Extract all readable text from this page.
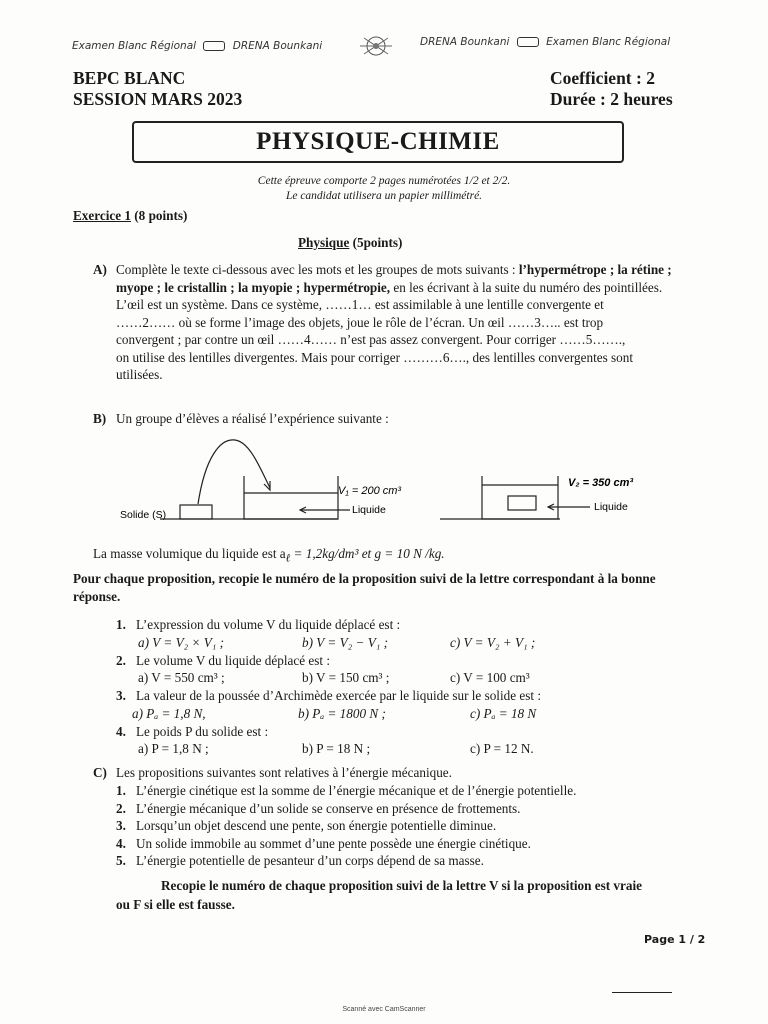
Examen Blanc Régional	DRENA Bounkani	DRENA Bounkani	Examen Blanc Régional
BEPC BLANC
SESSION MARS 2023
Coefficient : 2
Durée : 2 heures
PHYSIQUE-CHIMIE
Cette épreuve comporte 2 pages numérotées 1/2 et 2/2.
Le candidat utilisera un papier millimétré.
Exercice 1 (8 points)
Physique (5points)
A) Complète le texte ci-dessous avec les mots et les groupes de mots suivants : l’hypermétrope ; la rétine ; myope ; le cristallin ; la myopie ; hypermétropie, en les écrivant à la suite du numéro des pointillées.
L’œil est un système. Dans ce système, ……1… est assimilable à une lentille convergente et
……2…… où se forme l’image des objets, joue le rôle de l’écran. Un œil ……3….. est trop
convergent ; par contre un œil ……4…… n’est pas assez convergent. Pour corriger ……5…….,
on utilise des lentilles divergentes. Mais pour corriger ………6…., des lentilles convergentes sont
utilisées.
B) Un groupe d’élèves a réalisé l’expérience suivante :
Solide (S)
V₁ = 200 cm³
Liquide
V₂ = 350 cm³
Liquide
La masse volumique du liquide est $a_\ell = 1,2kg/dm^3$ et g = 10 N /kg.
Pour chaque proposition, recopie le numéro de la proposition suivi de la lettre correspondant à la bonne réponse.
1. L’expression du volume V du liquide déplacé est :
a) V = V₂ × V₁ ;	b) V = V₂ − V₁ ;	c) V = V₂ + V₁ ;
2. Le volume V du liquide déplacé est :
a) V = 550 cm³ ;	b) V = 150 cm³ ;	c) V = 100 cm³
3. La valeur de la poussée d’Archimède exercée par le liquide sur le solide est :
a) Pₐ = 1,8 N,	b) Pₐ = 1800 N ;	c) Pₐ = 18 N
4. Le poids P du solide est :
a) P = 1,8 N ;	b) P = 18 N ;	c) P = 12 N.
C) Les propositions suivantes sont relatives à l’énergie mécanique.
1. L’énergie cinétique est la somme de l’énergie mécanique et de l’énergie potentielle.
2. L’énergie mécanique d’un solide se conserve en présence de frottements.
3. Lorsqu’un objet descend une pente, son énergie potentielle diminue.
4. Un solide immobile au sommet d’une pente possède une énergie cinétique.
5. L’énergie potentielle de pesanteur d’un corps dépend de sa masse.
Recopie le numéro de chaque proposition suivi de la lettre V si la proposition est vraie
ou F si elle est fausse.
Page 1 / 2
Scanné avec CamScanner
